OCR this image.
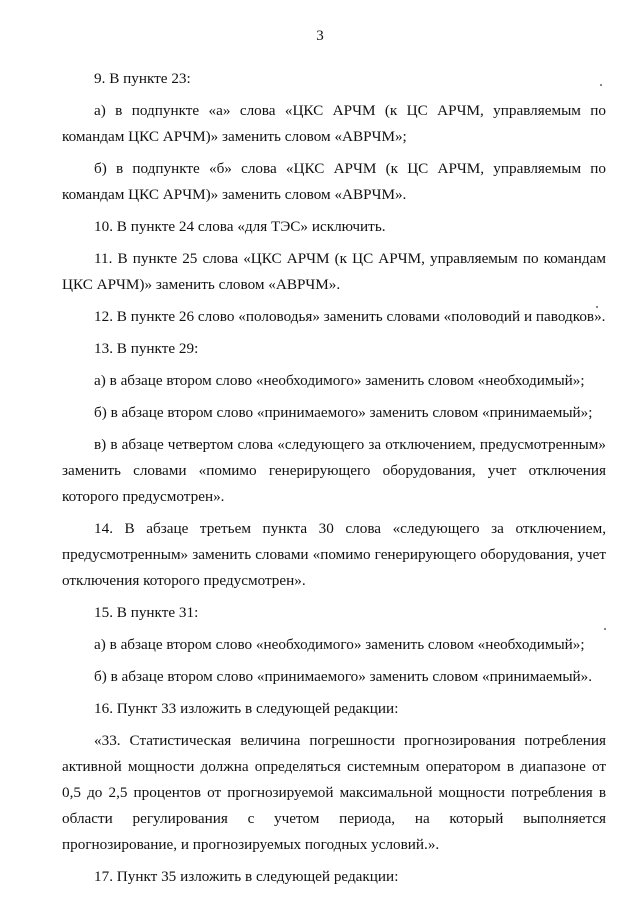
3

9. В пункте 23:

а) в подпункте «а» слова «ЦКС АРЧМ (к ЦС АРЧМ, управляемым по командам ЦКС АРЧМ)» заменить словом «АВРЧМ»;

б) в подпункте «б» слова «ЦКС АРЧМ (к ЦС АРЧМ, управляемым по командам ЦКС АРЧМ)» заменить словом «АВРЧМ».

10. В пункте 24 слова «для ТЭС» исключить.

11. В пункте 25 слова «ЦКС АРЧМ (к ЦС АРЧМ, управляемым по командам ЦКС АРЧМ)» заменить словом «АВРЧМ».

12. В пункте 26 слово «половодья» заменить словами «половодий и паводков».

13. В пункте 29:

а) в абзаце втором слово «необходимого» заменить словом «необходимый»;

б) в абзаце втором слово «принимаемого» заменить словом «принимаемый»;

в) в абзаце четвертом слова «следующего за отключением, предусмотренным» заменить словами «помимо генерирующего оборудования, учет отключения которого предусмотрен».

14. В абзаце третьем пункта 30 слова «следующего за отключением, предусмотренным» заменить словами «помимо генерирующего оборудования, учет отключения которого предусмотрен».

15. В пункте 31:

а) в абзаце втором слово «необходимого» заменить словом «необходимый»;

б) в абзаце втором слово «принимаемого» заменить словом «принимаемый».

16. Пункт 33 изложить в следующей редакции:

«33. Статистическая величина погрешности прогнозирования потребления активной мощности должна определяться системным оператором в диапазоне от 0,5 до 2,5 процентов от прогнозируемой максимальной мощности потребления в области регулирования с учетом периода, на который выполняется прогнозирование, и прогнозируемых погодных условий.».

17. Пункт 35 изложить в следующей редакции:
